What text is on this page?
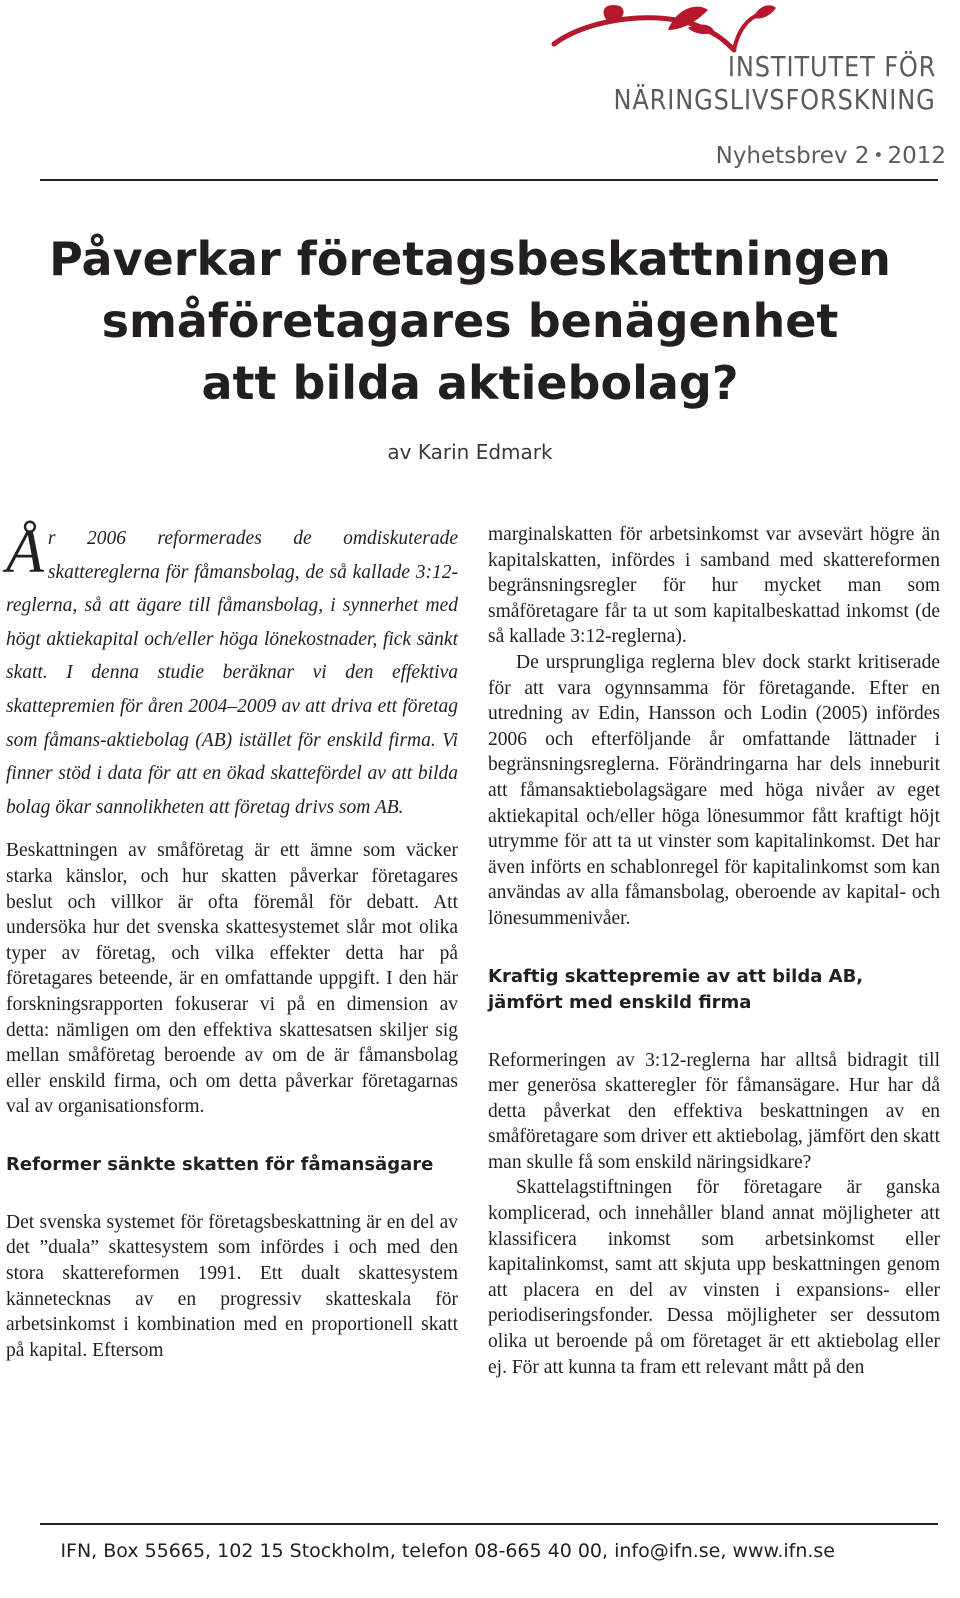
INSTITUTET FÖR
NÄRINGSLIVSFORSKNING
Nyhetsbrev 2 • 2012
Påverkar företagsbeskattningen
småföretagares benägenhet
att bilda aktiebolag?
av Karin Edmark

År 2006 reformerades de omdiskuterade skattereglerna för fåmansbolag, de så kallade 3:12-reglerna, så att ägare till fåmansbolag, i synnerhet med högt aktiekapital och/eller höga lönekostnader, fick sänkt skatt. I denna studie beräknar vi den effektiva skattepremien för åren 2004–2009 av att driva ett företag som fåmans-aktiebolag (AB) istället för enskild firma. Vi finner stöd i data för att en ökad skattefördel av att bilda bolag ökar sannolikheten att företag drivs som AB.

Beskattningen av småföretag är ett ämne som väcker starka känslor, och hur skatten påverkar företagares beslut och villkor är ofta föremål för debatt. Att undersöka hur det svenska skattesystemet slår mot olika typer av företag, och vilka effekter detta har på företagares beteende, är en omfattande uppgift. I den här forskningsrapporten fokuserar vi på en dimension av detta: nämligen om den effektiva skattesatsen skiljer sig mellan småföretag beroende av om de är fåmansbolag eller enskild firma, och om detta påverkar företagarnas val av organisationsform.

Reformer sänkte skatten för fåmansägare

Det svenska systemet för företagsbeskattning är en del av det ”duala” skattesystem som infördes i och med den stora skattereformen 1991. Ett dualt skattesystem kännetecknas av en progressiv skatteskala för arbetsinkomst i kombination med en proportionell skatt på kapital. Eftersom

marginalskatten för arbetsinkomst var avsevärt högre än kapitalskatten, infördes i samband med skattereformen begränsningsregler för hur mycket man som småföretagare får ta ut som kapitalbeskattad inkomst (de så kallade 3:12-reglerna).

De ursprungliga reglerna blev dock starkt kritiserade för att vara ogynnsamma för företagande. Efter en utredning av Edin, Hansson och Lodin (2005) infördes 2006 och efterföljande år omfattande lättnader i begränsningsreglerna. Förändringarna har dels inneburit att fåmansaktiebolagsägare med höga nivåer av eget aktiekapital och/eller höga lönesummor fått kraftigt höjt utrymme för att ta ut vinster som kapitalinkomst. Det har även införts en schablonregel för kapitalinkomst som kan användas av alla fåmansbolag, oberoende av kapital- och lönesummenivåer.

Kraftig skattepremie av att bilda AB,
jämfört med enskild firma

Reformeringen av 3:12-reglerna har alltså bidragit till mer generösa skatteregler för fåmansägare. Hur har då detta påverkat den effektiva beskattningen av en småföretagare som driver ett aktiebolag, jämfört den skatt man skulle få som enskild näringsidkare?

Skattelagstiftningen för företagare är ganska komplicerad, och innehåller bland annat möjligheter att klassificera inkomst som arbetsinkomst eller kapitalinkomst, samt att skjuta upp beskattningen genom att placera en del av vinsten i expansions- eller periodiseringsfonder. Dessa möjligheter ser dessutom olika ut beroende på om företaget är ett aktiebolag eller ej. För att kunna ta fram ett relevant mått på den

IFN, Box 55665, 102 15 Stockholm, telefon 08-665 40 00, info@ifn.se, www.ifn.se
